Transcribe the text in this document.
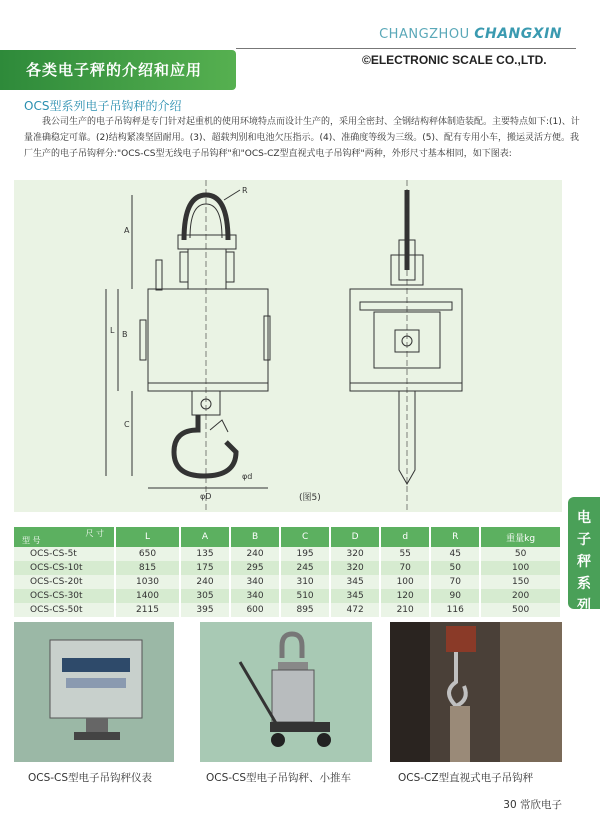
CHANGZHOU CHANGXIN
各类电子秤的介绍和应用
©ELECTRONIC SCALE CO.,LTD.
OCS型系列电子吊钩秤的介绍
我公司生产的电子吊钩秤是专门针对起重机的使用环境特点而设计生产的，采用全密封、全钢结构秤体制造装配。主要特点如下:(1)、计量准确稳定可靠。(2)结构紧凑坚固耐用。(3)、超载判别和电池欠压指示。(4)、准确度等级为三级。(5)、配有专用小车，搬运灵活方便。我厂生产的电子吊钩秤分:"OCS-CS型无线电子吊钩秤"和"OCS-CZ型直视式电子吊钩秤"两种，外形尺寸基本相同，如下图表:
R
A
B
L
C
φD
φd
(图5)
尺 寸
型 号	L	A	B	C	D	d	R	重量kg
OCS-CS-5t	650	135	240	195	320	55	45	50
OCS-CS-10t	815	175	295	245	320	70	50	100
OCS-CS-20t	1030	240	340	310	345	100	70	150
OCS-CS-30t	1400	305	340	510	345	120	90	200
OCS-CS-50t	2115	395	600	895	472	210	116	500
电子秤系列
OCS-CS型电子吊钩秤仪表	OCS-CS型电子吊钩秤、小推车	OCS-CZ型直视式电子吊钩秤
30 常欣电子
